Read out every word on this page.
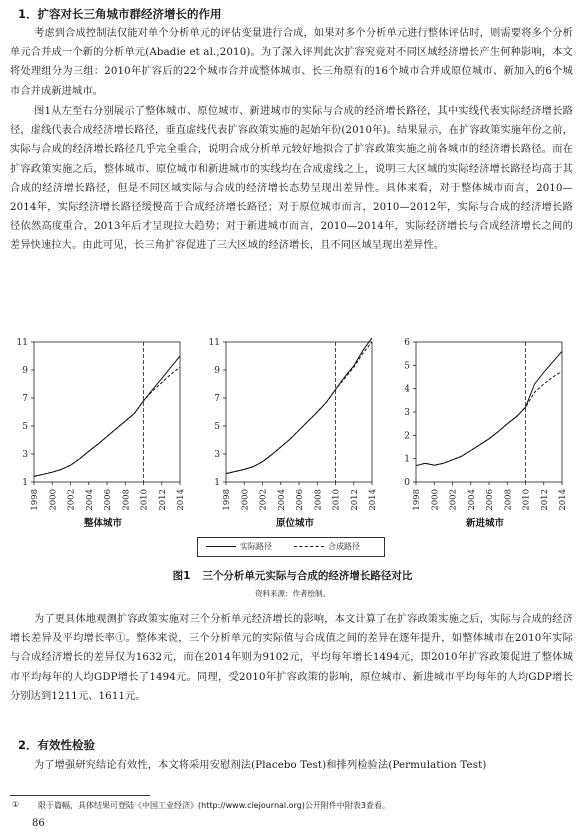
1．扩容对长三角城市群经济增长的作用
考虑到合成控制法仅能对单个分析单元的评估变量进行合成，如果对多个分析单元进行整体评估时，则需要将多个分析单元合并成一个新的分析单元(Abadie et al.,2010)。为了深入评判此次扩容究竟对不同区域经济增长产生何种影响，本文将处理组分为三组：2010年扩容后的22个城市合并成整体城市、长三角原有的16个城市合并成原位城市、新加入的6个城市合并成新进城市。
图1从左至右分别展示了整体城市、原位城市、新进城市的实际与合成的经济增长路径，其中实线代表实际经济增长路径，虚线代表合成经济增长路径，垂直虚线代表扩容政策实施的起始年份(2010年)。结果显示，在扩容政策实施年份之前，实际与合成的经济增长路径几乎完全重合，说明合成分析单元较好地拟合了扩容政策实施之前各城市的经济增长路径。而在扩容政策实施之后，整体城市、原位城市和新进城市的实线均在合成虚线之上，说明三大区域的实际经济增长路径均高于其合成的经济增长路径，但是不同区域实际与合成的经济增长态势呈现出差异性。具体来看，对于整体城市而言，2010—2014年，实际经济增长路径缓慢高于合成经济增长路径；对于原位城市而言，2010—2012年，实际与合成的经济增长路径依然高度重合，2013年后才呈现拉大趋势；对于新进城市而言，2010—2014年，实际经济增长与合成经济增长之间的差异快速拉大。由此可见，长三角扩容促进了三大区域的经济增长，且不同区域呈现出差异性。
1
3
5
7
9
11
1998 2000 2002 2004 2006 2008 2010 2012 2014
整体城市
1
3
5
7
9
11
1998 2000 2002 2004 2006 2008 2010 2012 2014
原位城市
0
1
2
3
4
5
6
1998 2000 2002 2004 2006 2008 2010 2012 2014
新进城市
实际路径	合成路径
图1 三个分析单元实际与合成的经济增长路径对比
资料来源：作者绘制。
为了更具体地观测扩容政策实施对三个分析单元经济增长的影响，本文计算了在扩容政策实施之后，实际与合成的经济增长差异及平均增长率①。整体来说，三个分析单元的实际值与合成值之间的差异在逐年提升，如整体城市在2010年实际与合成经济增长的差异仅为1632元，而在2014年则为9102元，平均每年增长1494元，即2010年扩容政策促进了整体城市平均每年的人均GDP增长了1494元。同理，受2010年扩容政策的影响，原位城市、新进城市平均每年的人均GDP增长分别达到1211元、1611元。
2．有效性检验
为了增强研究结论有效性，本文将采用安慰剂法(Placebo Test)和排列检验法(Permulation Test)
① 限于篇幅，具体结果可登陆《中国工业经济》(http://www.ciejournal.org)公开附件中附表3查看。
86
